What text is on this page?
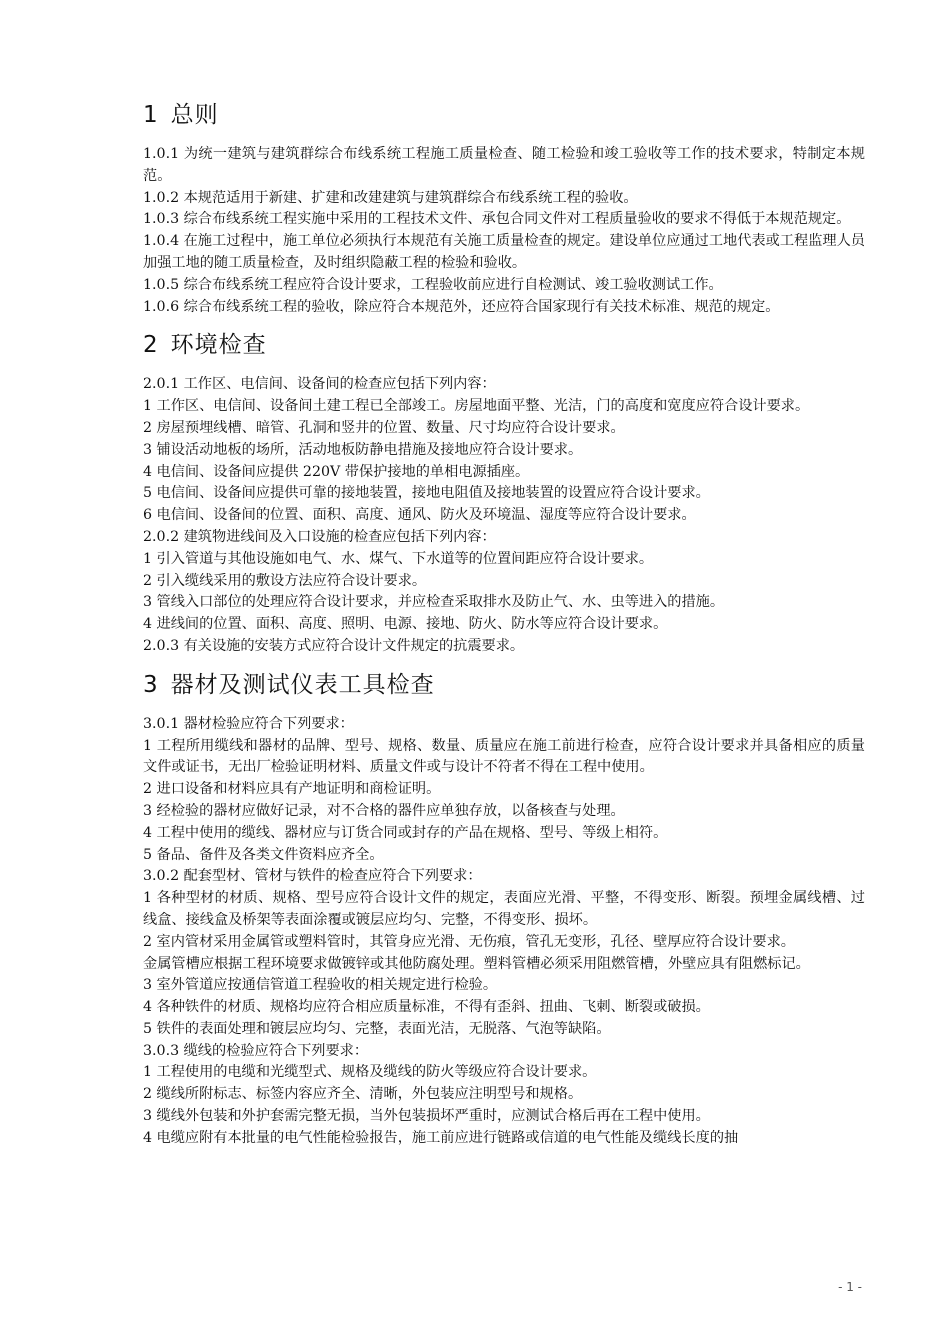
1 总则

1.0.1 为统一建筑与建筑群综合布线系统工程施工质量检查、随工检验和竣工验收等工作的技术要求，特制定本规范。

1.0.2 本规范适用于新建、扩建和改建建筑与建筑群综合布线系统工程的验收。

1.0.3 综合布线系统工程实施中采用的工程技术文件、承包合同文件对工程质量验收的要求不得低于本规范规定。

1.0.4 在施工过程中，施工单位必须执行本规范有关施工质量检查的规定。建设单位应通过工地代表或工程监理人员加强工地的随工质量检查，及时组织隐蔽工程的检验和验收。

1.0.5 综合布线系统工程应符合设计要求，工程验收前应进行自检测试、竣工验收测试工作。

1.0.6 综合布线系统工程的验收，除应符合本规范外，还应符合国家现行有关技术标准、规范的规定。

2 环境检查

2.0.1 工作区、电信间、设备间的检查应包括下列内容：

1 工作区、电信间、设备间土建工程已全部竣工。房屋地面平整、光洁，门的高度和宽度应符合设计要求。

2 房屋预埋线槽、暗管、孔洞和竖井的位置、数量、尺寸均应符合设计要求。

3 铺设活动地板的场所，活动地板防静电措施及接地应符合设计要求。

4 电信间、设备间应提供 220V 带保护接地的单相电源插座。

5 电信间、设备间应提供可靠的接地装置，接地电阻值及接地装置的设置应符合设计要求。

6 电信间、设备间的位置、面积、高度、通风、防火及环境温、湿度等应符合设计要求。

2.0.2 建筑物进线间及入口设施的检查应包括下列内容：

1 引入管道与其他设施如电气、水、煤气、下水道等的位置间距应符合设计要求。

2 引入缆线采用的敷设方法应符合设计要求。

3 管线入口部位的处理应符合设计要求，并应检查采取排水及防止气、水、虫等进入的措施。

4 进线间的位置、面积、高度、照明、电源、接地、防火、防水等应符合设计要求。

2.0.3 有关设施的安装方式应符合设计文件规定的抗震要求。

3 器材及测试仪表工具检查

3.0.1 器材检验应符合下列要求：

1 工程所用缆线和器材的品牌、型号、规格、数量、质量应在施工前进行检查，应符合设计要求并具备相应的质量文件或证书，无出厂检验证明材料、质量文件或与设计不符者不得在工程中使用。

2 进口设备和材料应具有产地证明和商检证明。

3 经检验的器材应做好记录，对不合格的器件应单独存放，以备核查与处理。

4 工程中使用的缆线、器材应与订货合同或封存的产品在规格、型号、等级上相符。

5 备品、备件及各类文件资料应齐全。

3.0.2 配套型材、管材与铁件的检查应符合下列要求：

1 各种型材的材质、规格、型号应符合设计文件的规定，表面应光滑、平整，不得变形、断裂。预埋金属线槽、过线盒、接线盒及桥架等表面涂覆或镀层应均匀、完整，不得变形、损坏。

2 室内管材采用金属管或塑料管时，其管身应光滑、无伤痕，管孔无变形，孔径、壁厚应符合设计要求。

金属管槽应根据工程环境要求做镀锌或其他防腐处理。塑料管槽必须采用阻燃管槽，外壁应具有阻燃标记。

3 室外管道应按通信管道工程验收的相关规定进行检验。

4 各种铁件的材质、规格均应符合相应质量标准，不得有歪斜、扭曲、飞刺、断裂或破损。

5 铁件的表面处理和镀层应均匀、完整，表面光洁，无脱落、气泡等缺陷。

3.0.3 缆线的检验应符合下列要求：

1 工程使用的电缆和光缆型式、规格及缆线的防火等级应符合设计要求。

2 缆线所附标志、标签内容应齐全、清晰，外包装应注明型号和规格。

3 缆线外包装和外护套需完整无损，当外包装损坏严重时，应测试合格后再在工程中使用。

4 电缆应附有本批量的电气性能检验报告，施工前应进行链路或信道的电气性能及缆线长度的抽

- 1 -
